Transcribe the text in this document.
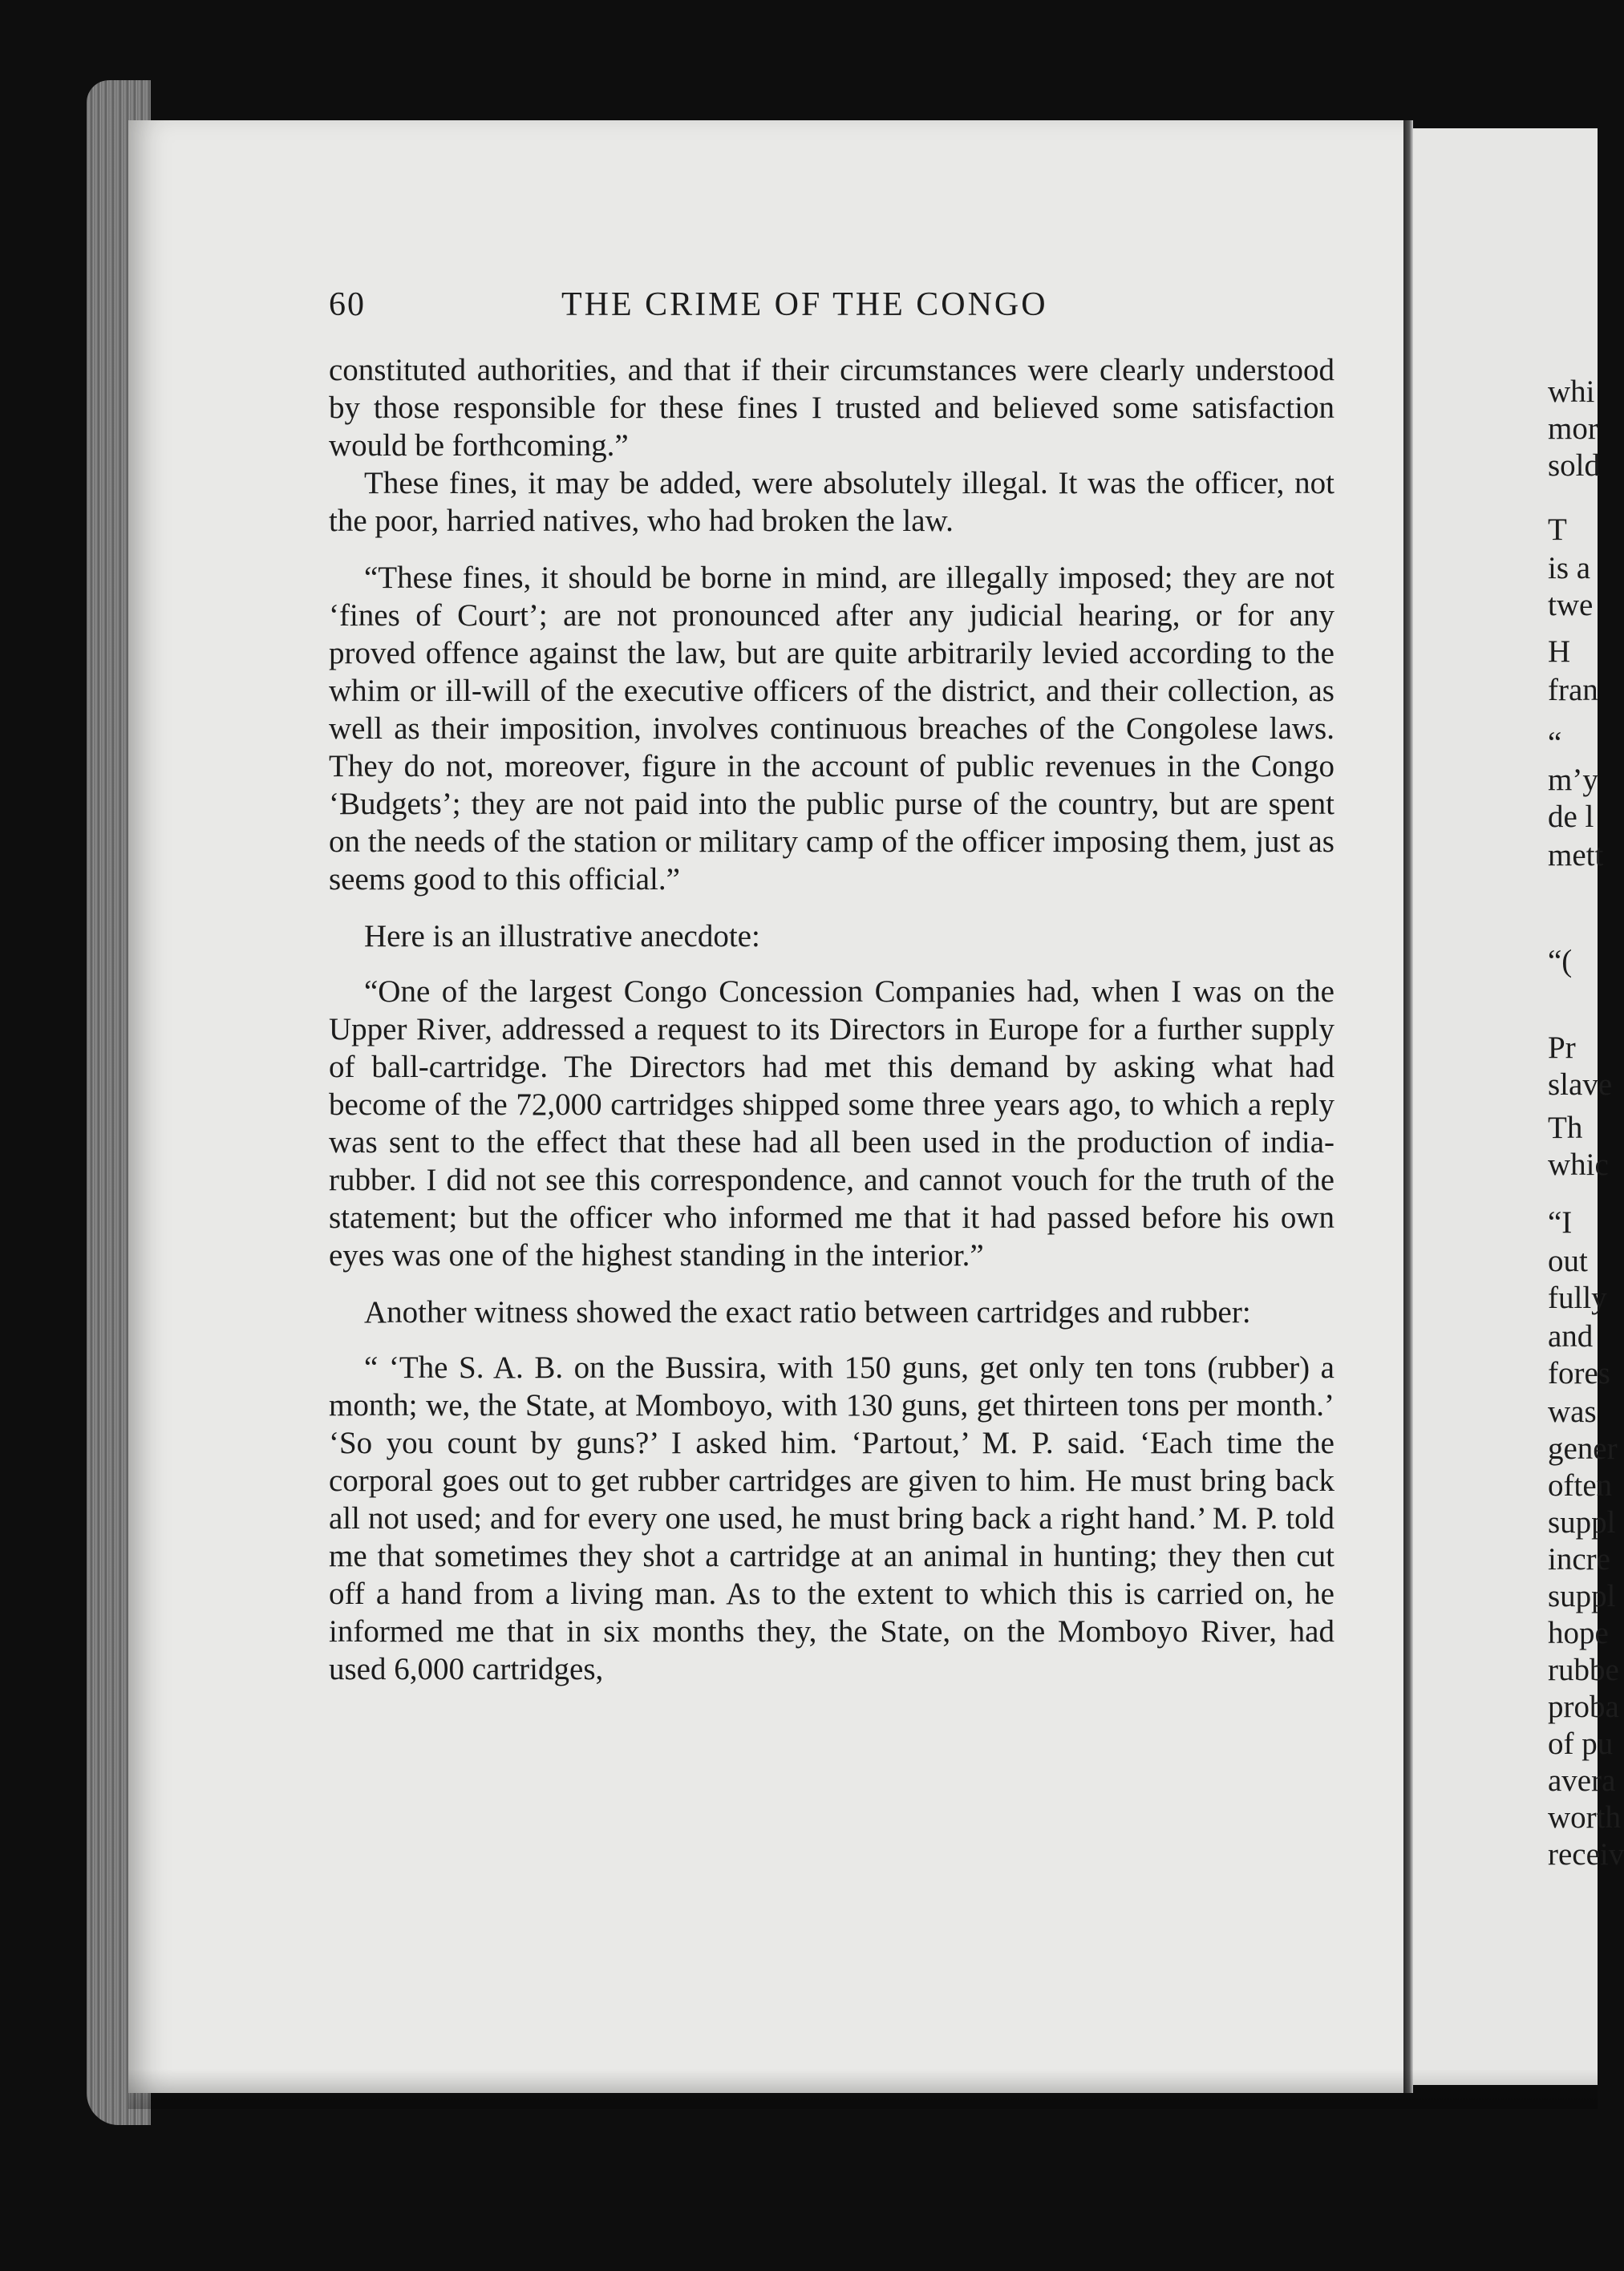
60	THE CRIME OF THE CONGO

constituted authorities, and that if their circumstances were clearly understood by those responsible for these fines I trusted and believed some satisfaction would be forthcoming.”

These fines, it may be added, were absolutely illegal. It was the officer, not the poor, harried natives, who had broken the law.

“These fines, it should be borne in mind, are illegally imposed; they are not ‘fines of Court’; are not pronounced after any judicial hearing, or for any proved offence against the law, but are quite arbitrarily levied according to the whim or ill-will of the executive officers of the district, and their collection, as well as their imposition, involves continuous breaches of the Congolese laws. They do not, moreover, figure in the account of public revenues in the Congo ‘Budgets’; they are not paid into the public purse of the country, but are spent on the needs of the station or military camp of the officer imposing them, just as seems good to this official.”

Here is an illustrative anecdote:

“One of the largest Congo Concession Companies had, when I was on the Upper River, addressed a request to its Directors in Europe for a further supply of ball-cartridge. The Directors had met this demand by asking what had become of the 72,000 cartridges shipped some three years ago, to which a reply was sent to the effect that these had all been used in the production of india-rubber. I did not see this correspondence, and cannot vouch for the truth of the statement; but the officer who informed me that it had passed before his own eyes was one of the highest standing in the interior.”

Another witness showed the exact ratio between cartridges and rubber:

“ ‘The S. A. B. on the Bussira, with 150 guns, get only ten tons (rubber) a month; we, the State, at Momboyo, with 130 guns, get thirteen tons per month.’ ‘So you count by guns?’ I asked him. ‘Partout,’ M. P. said. ‘Each time the corporal goes out to get rubber cartridges are given to him. He must bring back all not used; and for every one used, he must bring back a right hand.’ M. P. told me that sometimes they shot a cartridge at an animal in hunting; they then cut off a hand from a living man. As to the extent to which this is carried on, he informed me that in six months they, the State, on the Momboyo River, had used 6,000 cartridges,

whi
mor
sold
T
is a
twe
H
fran
“
m’y
de l
mett
“(
Pr
slave
Th
whic
“I
out
fully
and
fores
was
gener
often
suppl
incre
suppl
hope
rubbe
proba
of pu
avera
worth
receiv
